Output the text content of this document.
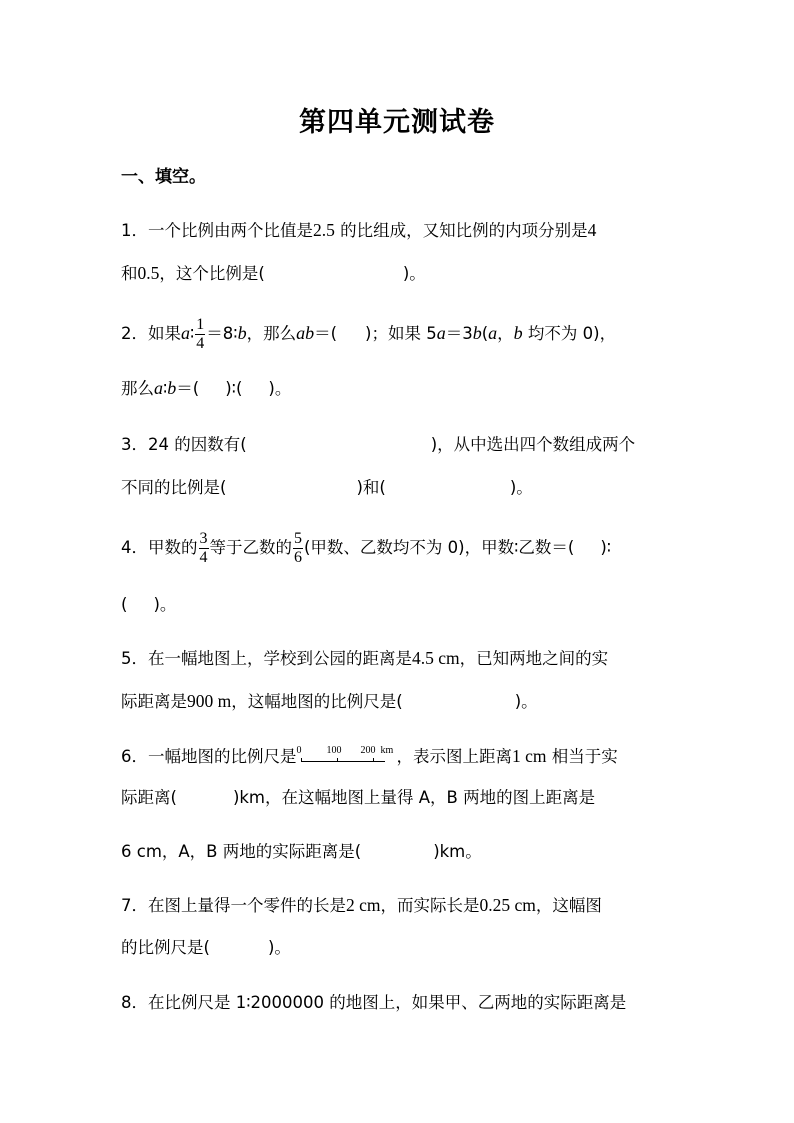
第四单元测试卷
一、填空。
1．一个比例由两个比值是2.5 的比组成，又知比例的内项分别是4
和0.5，这个比例是(	)。
2．如果a∶ $\frac{1}{4}$ ＝8∶b，那么ab＝( )；如果 5a＝3b(a，b 均不为 0)，
那么a∶b＝( )∶( )。
3．24 的因数有(	)，从中选出四个数组成两个
不同的比例是(	)和(	)。
4．甲数的 $\frac{3}{4}$ 等于乙数的 $\frac{5}{6}$ (甲数、乙数均不为 0)，甲数∶乙数＝( )∶
( )。
5．在一幅地图上，学校到公园的距离是4.5 cm，已知两地之间的实
际距离是900 m，这幅地图的比例尺是(	)。
6．一幅地图的比例尺是 0	100 200 km ，表示图上距离1 cm 相当于实
际距离(	)km，在这幅地图上量得 A，B 两地的图上距离是
6 cm，A，B 两地的实际距离是(	)km。
7．在图上量得一个零件的长是2 cm，而实际长是0.25 cm，这幅图
的比例尺是(	)。
8．在比例尺是 1∶2000000 的地图上，如果甲、乙两地的实际距离是
